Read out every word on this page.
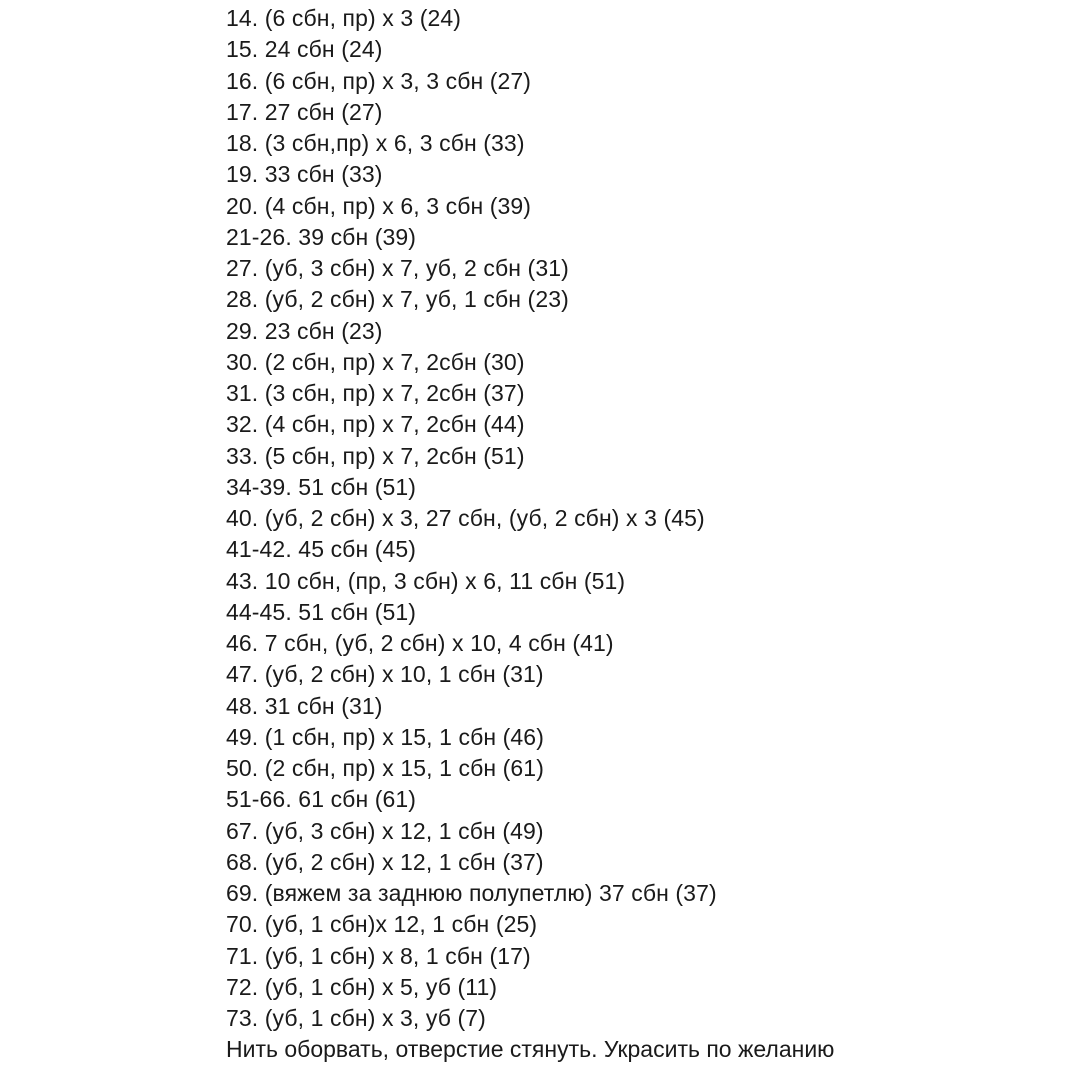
14. (6 сбн, пр) х 3 (24)
15. 24 сбн (24)
16. (6 сбн, пр) х 3, 3 сбн (27)
17. 27 сбн (27)
18. (3 сбн,пр) х 6, 3 сбн (33)
19. 33 сбн (33)
20. (4 сбн, пр) х 6, 3 сбн (39)
21-26. 39 сбн (39)
27. (уб, 3 сбн) х 7, уб, 2 сбн (31)
28. (уб, 2 сбн) х 7, уб, 1 сбн (23)
29. 23 сбн (23)
30. (2 сбн, пр) х 7, 2сбн (30)
31. (3 сбн, пр) х 7, 2сбн (37)
32. (4 сбн, пр) х 7, 2сбн (44)
33. (5 сбн, пр) х 7, 2сбн (51)
34-39. 51 сбн (51)
40. (уб, 2 сбн) х 3, 27 сбн, (уб, 2 сбн) х 3 (45)
41-42. 45 сбн (45)
43. 10 сбн, (пр, 3 сбн) х 6, 11 сбн (51)
44-45. 51 сбн (51)
46. 7 сбн, (уб, 2 сбн) х 10, 4 сбн (41)
47. (уб, 2 сбн) х 10, 1 сбн (31)
48. 31 сбн (31)
49. (1 сбн, пр) х 15, 1 сбн (46)
50. (2 сбн, пр) х 15, 1 сбн (61)
51-66. 61 сбн (61)
67. (уб, 3 сбн) х 12, 1 сбн (49)
68. (уб, 2 сбн) х 12, 1 сбн (37)
69. (вяжем за заднюю полупетлю) 37 сбн (37)
70. (уб, 1 сбн)х 12, 1 сбн (25)
71. (уб, 1 сбн) х 8, 1 сбн (17)
72. (уб, 1 сбн) х 5, уб (11)
73. (уб, 1 сбн) х 3, уб (7)
Нить оборвать, отверстие стянуть. Украсить по желанию
